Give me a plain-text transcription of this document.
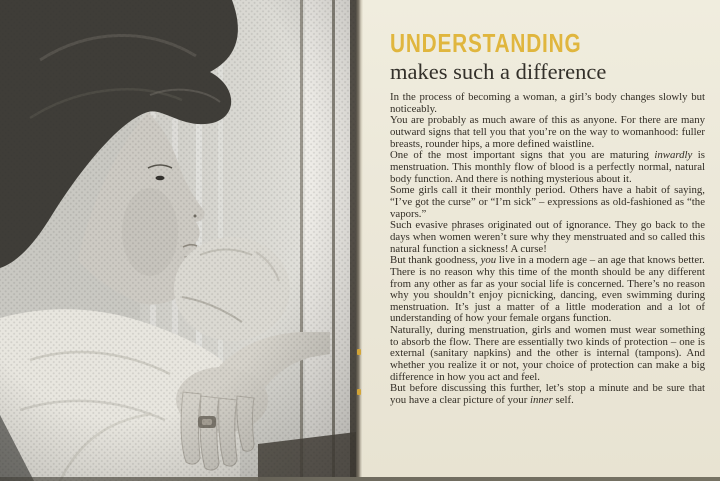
UNDERSTANDING
makes such a difference

In the process of becoming a woman, a girl’s body changes slowly but noticeably.

You are probably as much aware of this as anyone. For there are many outward signs that tell you that you’re on the way to womanhood: fuller breasts, rounder hips, a more defined waistline.

One of the most important signs that you are maturing inwardly is menstruation. This monthly flow of blood is a perfectly normal, natural body function. And there is nothing mysterious about it.

Some girls call it their monthly period. Others have a habit of saying, “I’ve got the curse” or “I’m sick” – expressions as old-fashioned as “the vapors.”

Such evasive phrases originated out of ignorance. They go back to the days when women weren’t sure why they menstruated and so called this natural function a sickness! A curse!

But thank goodness, you live in a modern age – an age that knows better.

There is no reason why this time of the month should be any different from any other as far as your social life is concerned. There’s no reason why you shouldn’t enjoy picnicking, dancing, even swimming during menstruation. It’s just a matter of a little moderation and a lot of understanding of how your female organs function.

Naturally, during menstruation, girls and women must wear something to absorb the flow. There are essentially two kinds of protection – one is external (sanitary napkins) and the other is internal (tampons). And whether you realize it or not, your choice of protection can make a big difference in how you act and feel.

But before discussing this further, let’s stop a minute and be sure that you have a clear picture of your inner self.
